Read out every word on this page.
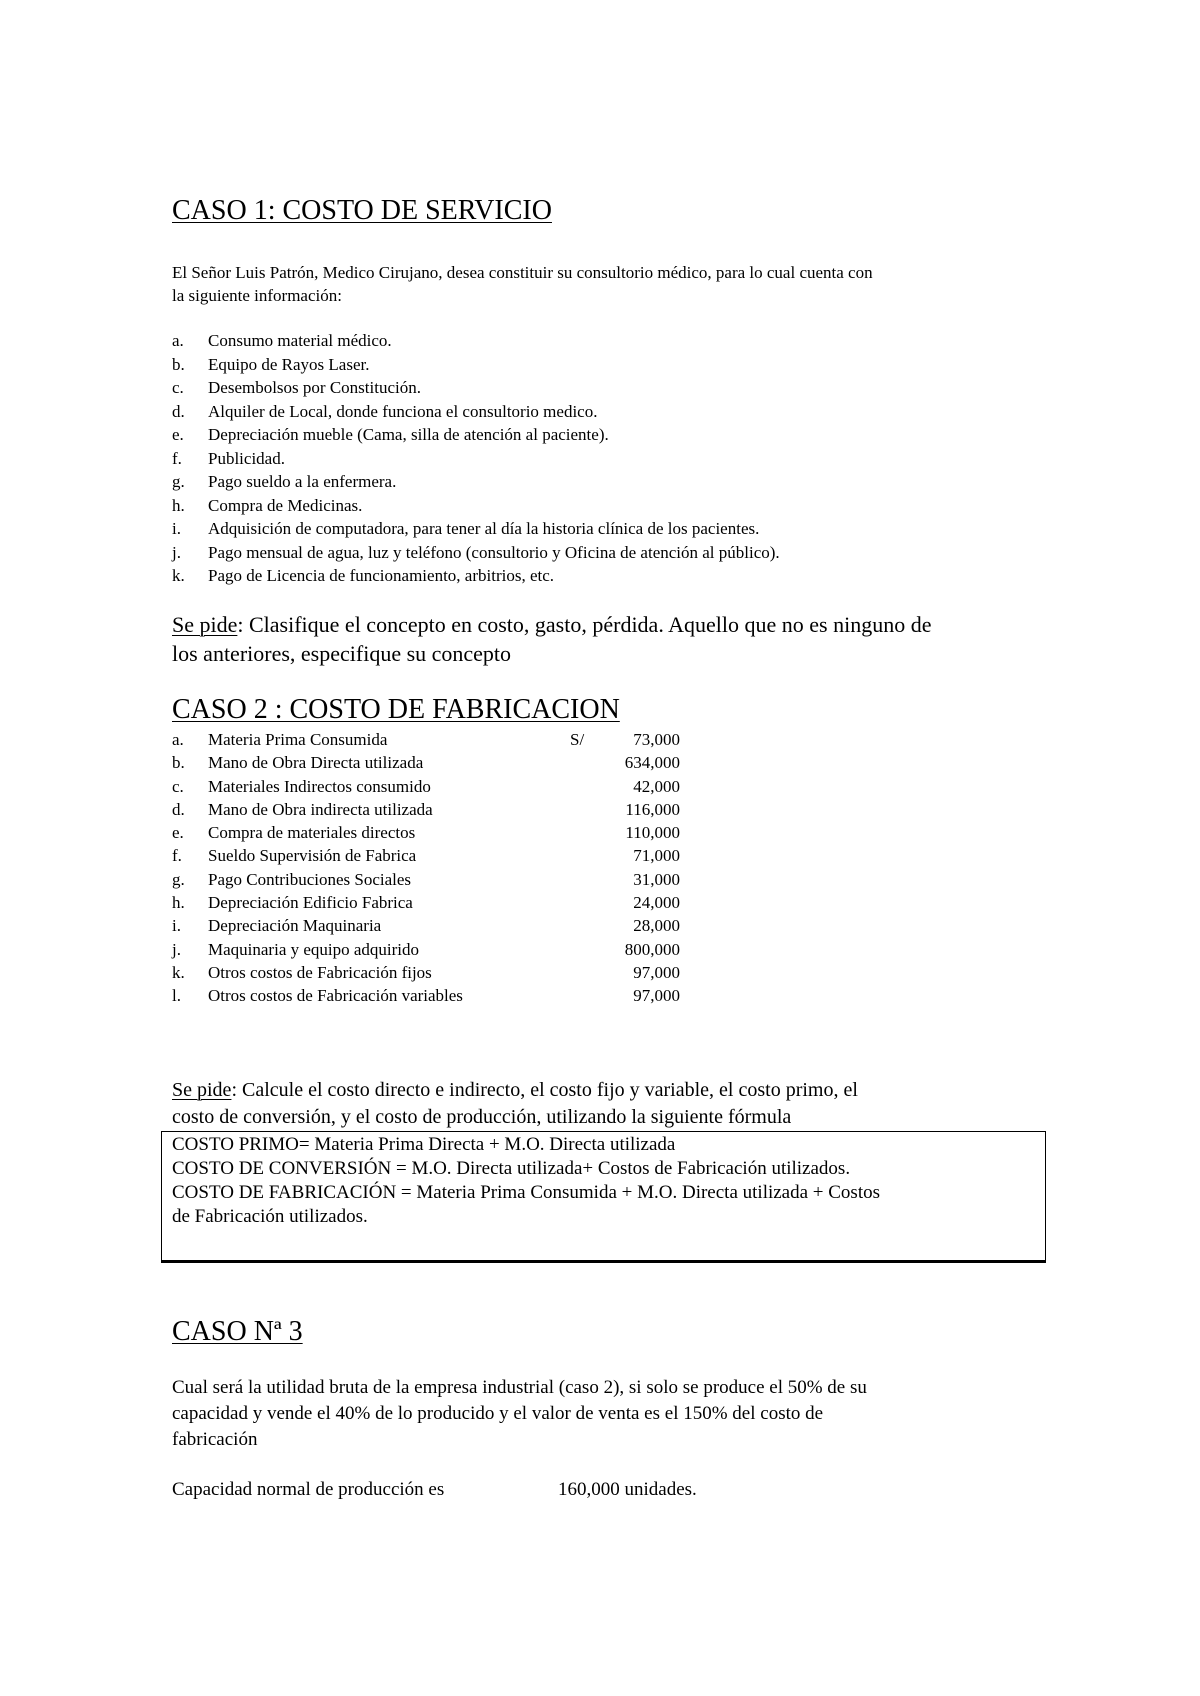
CASO 1: COSTO DE SERVICIO
El Señor Luis Patrón, Medico Cirujano, desea constituir su consultorio médico, para lo cual cuenta con
la siguiente información:
a.	Consumo material médico.
b.	Equipo de Rayos Laser.
c.	Desembolsos por Constitución.
d.	Alquiler de Local, donde funciona el consultorio medico.
e.	Depreciación mueble (Cama, silla de atención al paciente).
f.	Publicidad.
g.	Pago sueldo a la enfermera.
h.	Compra de Medicinas.
i.	Adquisición de computadora, para tener al día la historia clínica de los pacientes.
j.	Pago mensual de agua, luz y teléfono (consultorio y Oficina de atención al público).
k.	Pago de Licencia de funcionamiento, arbitrios, etc.
Se pide: Clasifique el concepto en costo, gasto, pérdida. Aquello que no es ninguno de
los anteriores, especifique su concepto
CASO 2 : COSTO DE FABRICACION
a.	Materia Prima Consumida	S/	73,000
b.	Mano de Obra Directa utilizada	634,000
c.	Materiales Indirectos consumido	42,000
d.	Mano de Obra indirecta utilizada	116,000
e.	Compra de materiales directos	110,000
f.	Sueldo Supervisión de Fabrica	71,000
g.	Pago Contribuciones Sociales	31,000
h.	Depreciación Edificio Fabrica	24,000
i.	Depreciación Maquinaria	28,000
j.	Maquinaria y equipo adquirido	800,000
k.	Otros costos de Fabricación fijos	97,000
l.	Otros costos de Fabricación variables	97,000
Se pide: Calcule el costo directo e indirecto, el costo fijo y variable, el costo primo, el
costo de conversión, y el costo de producción, utilizando la siguiente fórmula
COSTO PRIMO= Materia Prima Directa + M.O. Directa utilizada
COSTO DE CONVERSIÓN = M.O. Directa utilizada+ Costos de Fabricación utilizados.
COSTO DE FABRICACIÓN = Materia Prima Consumida + M.O. Directa utilizada + Costos
de Fabricación utilizados.
CASO Nª 3
Cual será la utilidad bruta de la empresa industrial (caso 2), si solo se produce el 50% de su
capacidad y vende el 40% de lo producido y el valor de venta es el 150% del costo de
fabricación
Capacidad normal de producción es	160,000 unidades.
